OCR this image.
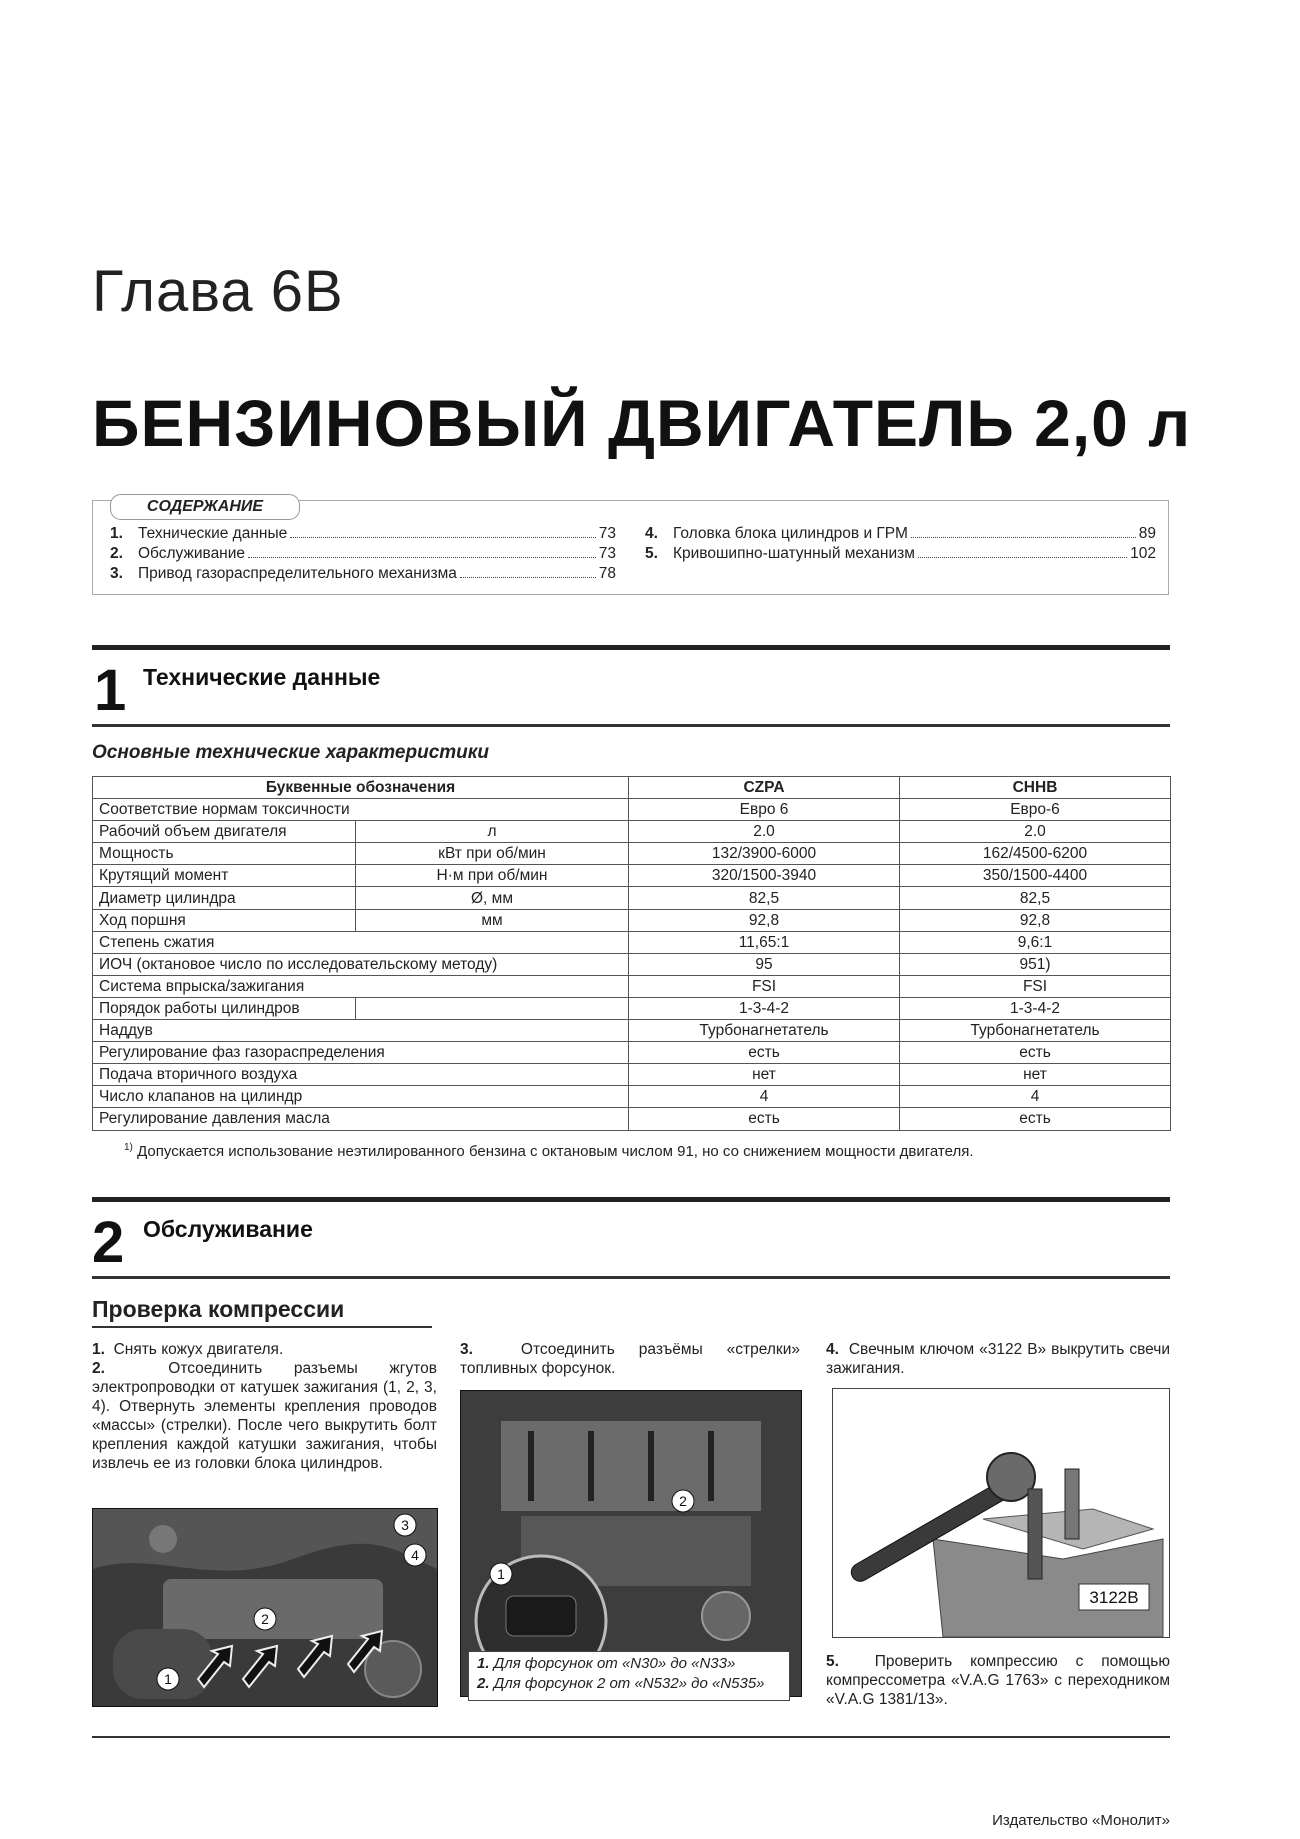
Глава 6В
БЕНЗИНОВЫЙ ДВИГАТЕЛЬ 2,0 л
СОДЕРЖАНИЕ
1. Технические данные	73
2. Обслуживание	73
3. Привод газораспределительного механизма	78
4. Головка блока цилиндров и ГРМ	89
5. Кривошипно-шатунный механизм	102
1 Технические данные
Основные технические характеристики
Буквенные обозначения		CZPA	CHHB
Соответствие нормам токсичности		Евро 6	Евро-6
Рабочий объем двигателя	л	2.0	2.0
Мощность	кВт при об/мин	132/3900-6000	162/4500-6200
Крутящий момент	Н·м при об/мин	320/1500-3940	350/1500-4400
Диаметр цилиндра	Ø, мм	82,5	82,5
Ход поршня	мм	92,8	92,8
Степень сжатия		11,65:1	9,6:1
ИОЧ (октановое число по исследовательскому методу)		95	951)
Система впрыска/зажигания		FSI	FSI
Порядок работы цилиндров		1-3-4-2	1-3-4-2
Наддув		Турбонагнетатель	Турбонагнетатель
Регулирование фаз газораспределения		есть	есть
Подача вторичного воздуха		нет	нет
Число клапанов на цилиндр		4	4
Регулирование давления масла		есть	есть
$^{1)}$ Допускается использование неэтилированного бензина с октановым числом 91, но со снижением мощности двигателя.
2 Обслуживание
Проверка компрессии
1. Снять кожух двигателя.
2.	Отсоединить разъемы жгутов электропроводки от катушек зажигания (1, 2, 3, 4). Отвернуть элементы крепления проводов «массы» (стрелки). После чего выкрутить болт крепления каждой катушки зажигания, чтобы извлечь ее из головки блока цилиндров.
1
2
3
4
3.	Отсоединить разъёмы «стрелки» топливных форсунок.
1
2
1. Для форсунок от «N30» до «N33»
2. Для форсунок 2 от «N532» до «N535»
4. Свечным ключом «3122 В» выкрутить свечи зажигания.
3122B
5. Проверить компрессию с помощью компрессометра «V.A.G 1763» с переходником «V.A.G 1381/13».
Издательство «Монолит»
